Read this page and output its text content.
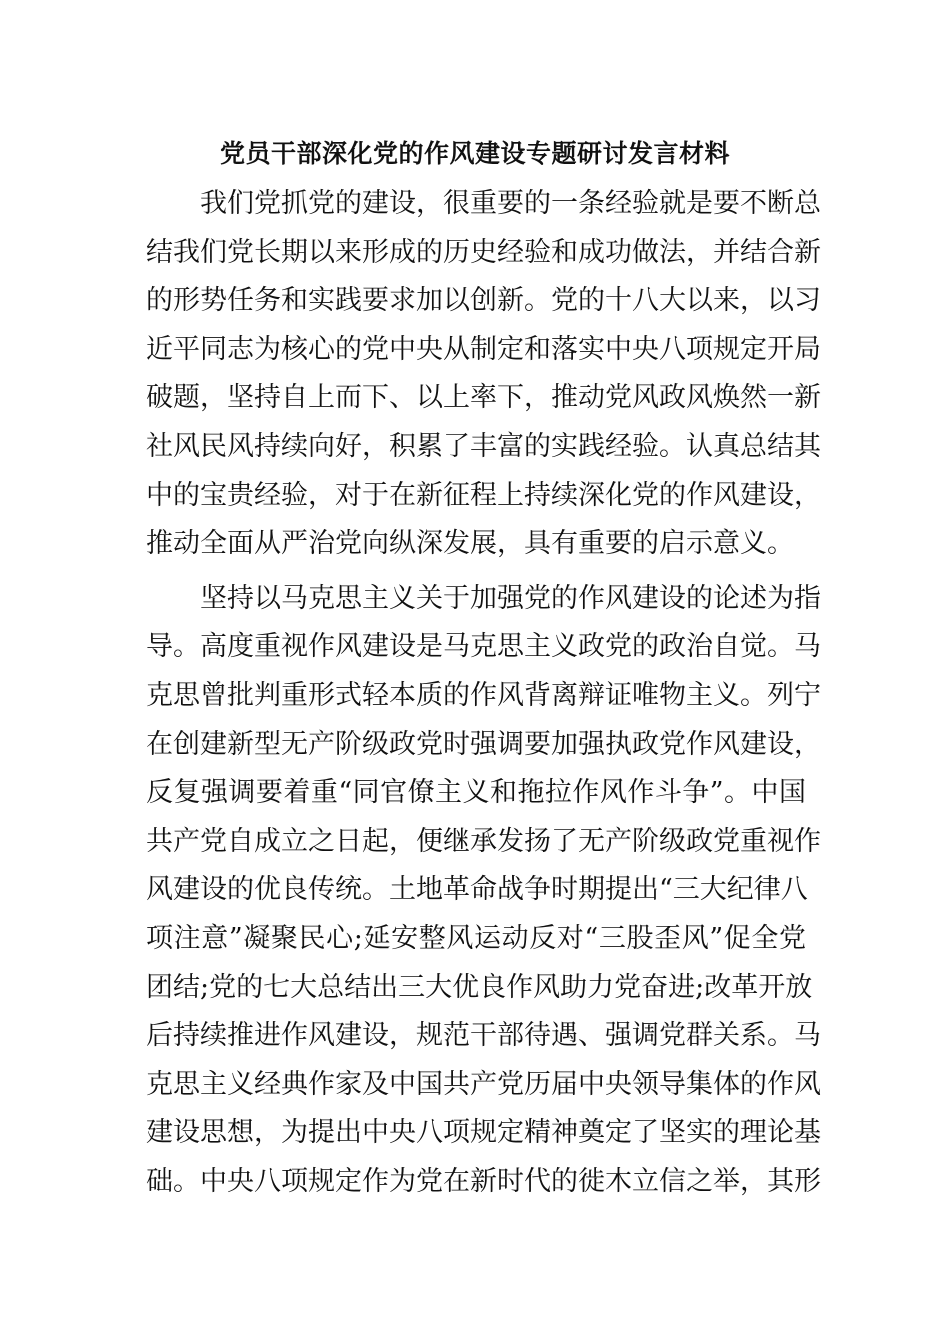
党员干部深化党的作风建设专题研讨发言材料
我们党抓党的建设，很重要的一条经验就是要不断总
结我们党长期以来形成的历史经验和成功做法，并结合新
的形势任务和实践要求加以创新。党的十八大以来，以习
近平同志为核心的党中央从制定和落实中央八项规定开局
破题，坚持自上而下、以上率下，推动党风政风焕然一新
社风民风持续向好，积累了丰富的实践经验。认真总结其
中的宝贵经验，对于在新征程上持续深化党的作风建设，
推动全面从严治党向纵深发展，具有重要的启示意义。
坚持以马克思主义关于加强党的作风建设的论述为指
导。高度重视作风建设是马克思主义政党的政治自觉。马
克思曾批判重形式轻本质的作风背离辩证唯物主义。列宁
在创建新型无产阶级政党时强调要加强执政党作风建设，
反复强调要着重“同官僚主义和拖拉作风作斗争”。中国
共产党自成立之日起，便继承发扬了无产阶级政党重视作
风建设的优良传统。土地革命战争时期提出“三大纪律八
项注意”凝聚民心;延安整风运动反对“三股歪风”促全党
团结;党的七大总结出三大优良作风助力党奋进;改革开放
后持续推进作风建设，规范干部待遇、强调党群关系。马
克思主义经典作家及中国共产党历届中央领导集体的作风
建设思想，为提出中央八项规定精神奠定了坚实的理论基
础。中央八项规定作为党在新时代的徙木立信之举，其形
